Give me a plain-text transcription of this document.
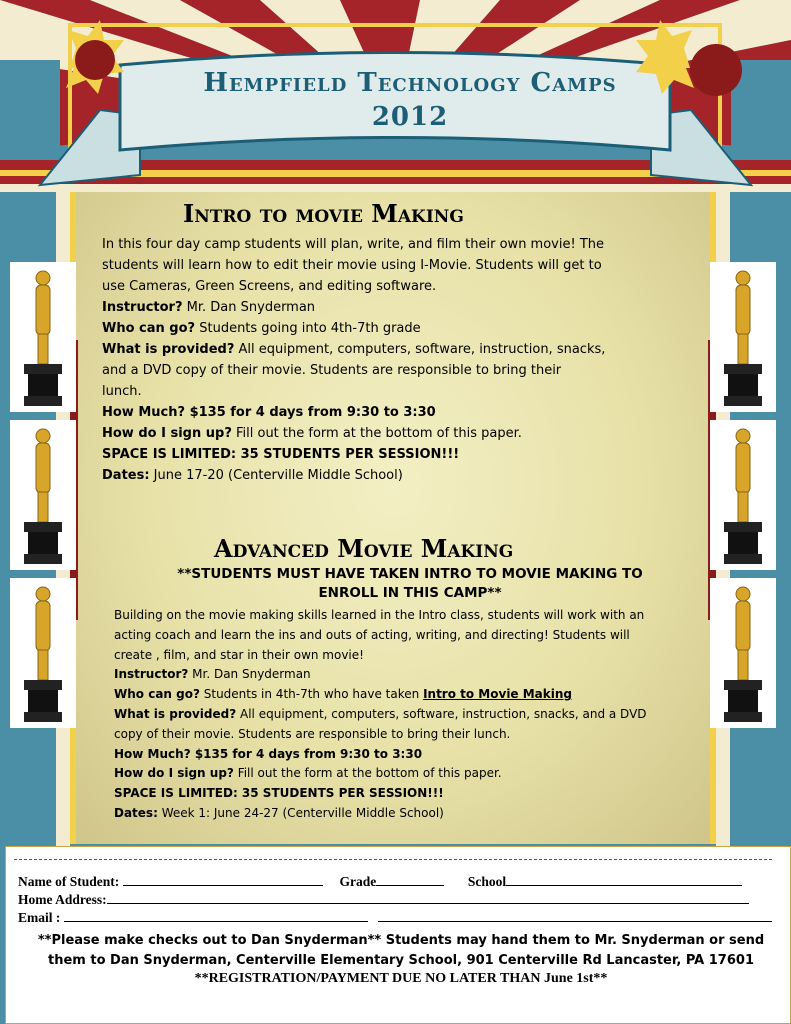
Hempfield Technology Camps
2012
Intro to movie Making
In this four day camp students will plan, write, and film their own movie! The
students will learn how to edit their movie using I-Movie. Students will get to
use Cameras, Green Screens, and editing software.
Instructor? Mr. Dan Snyderman
Who can go? Students going into 4th-7th grade
What is provided? All equipment, computers, software, instruction, snacks,
and a DVD copy of their movie. Students are responsible to bring their
lunch.
How Much? $135 for 4 days from 9:30 to 3:30
How do I sign up? Fill out the form at the bottom of this paper.
SPACE IS LIMITED: 35 STUDENTS PER SESSION!!!
Dates: June 17-20 (Centerville Middle School)
Advanced Movie Making
**STUDENTS MUST HAVE TAKEN INTRO TO MOVIE MAKING TO
ENROLL IN THIS CAMP**
Building on the movie making skills learned in the Intro class, students will work with an
acting coach and learn the ins and outs of acting, writing, and directing! Students will
create , film, and star in their own movie!
Instructor? Mr. Dan Snyderman
Who can go? Students in 4th-7th who have taken Intro to Movie Making
What is provided? All equipment, computers, software, instruction, snacks, and a DVD
copy of their movie. Students are responsible to bring their lunch.
How Much? $135 for 4 days from 9:30 to 3:30
How do I sign up? Fill out the form at the bottom of this paper.
SPACE IS LIMITED: 35 STUDENTS PER SESSION!!!
Dates: Week 1: June 24-27 (Centerville Middle School)
Name of Student:	Grade	School
Home Address:
Email :
**Please make checks out to Dan Snyderman** Students may hand them to Mr. Snyderman or send
them to Dan Snyderman, Centerville Elementary School, 901 Centerville Rd Lancaster, PA 17601
**REGISTRATION/PAYMENT DUE NO LATER THAN June 1st**
